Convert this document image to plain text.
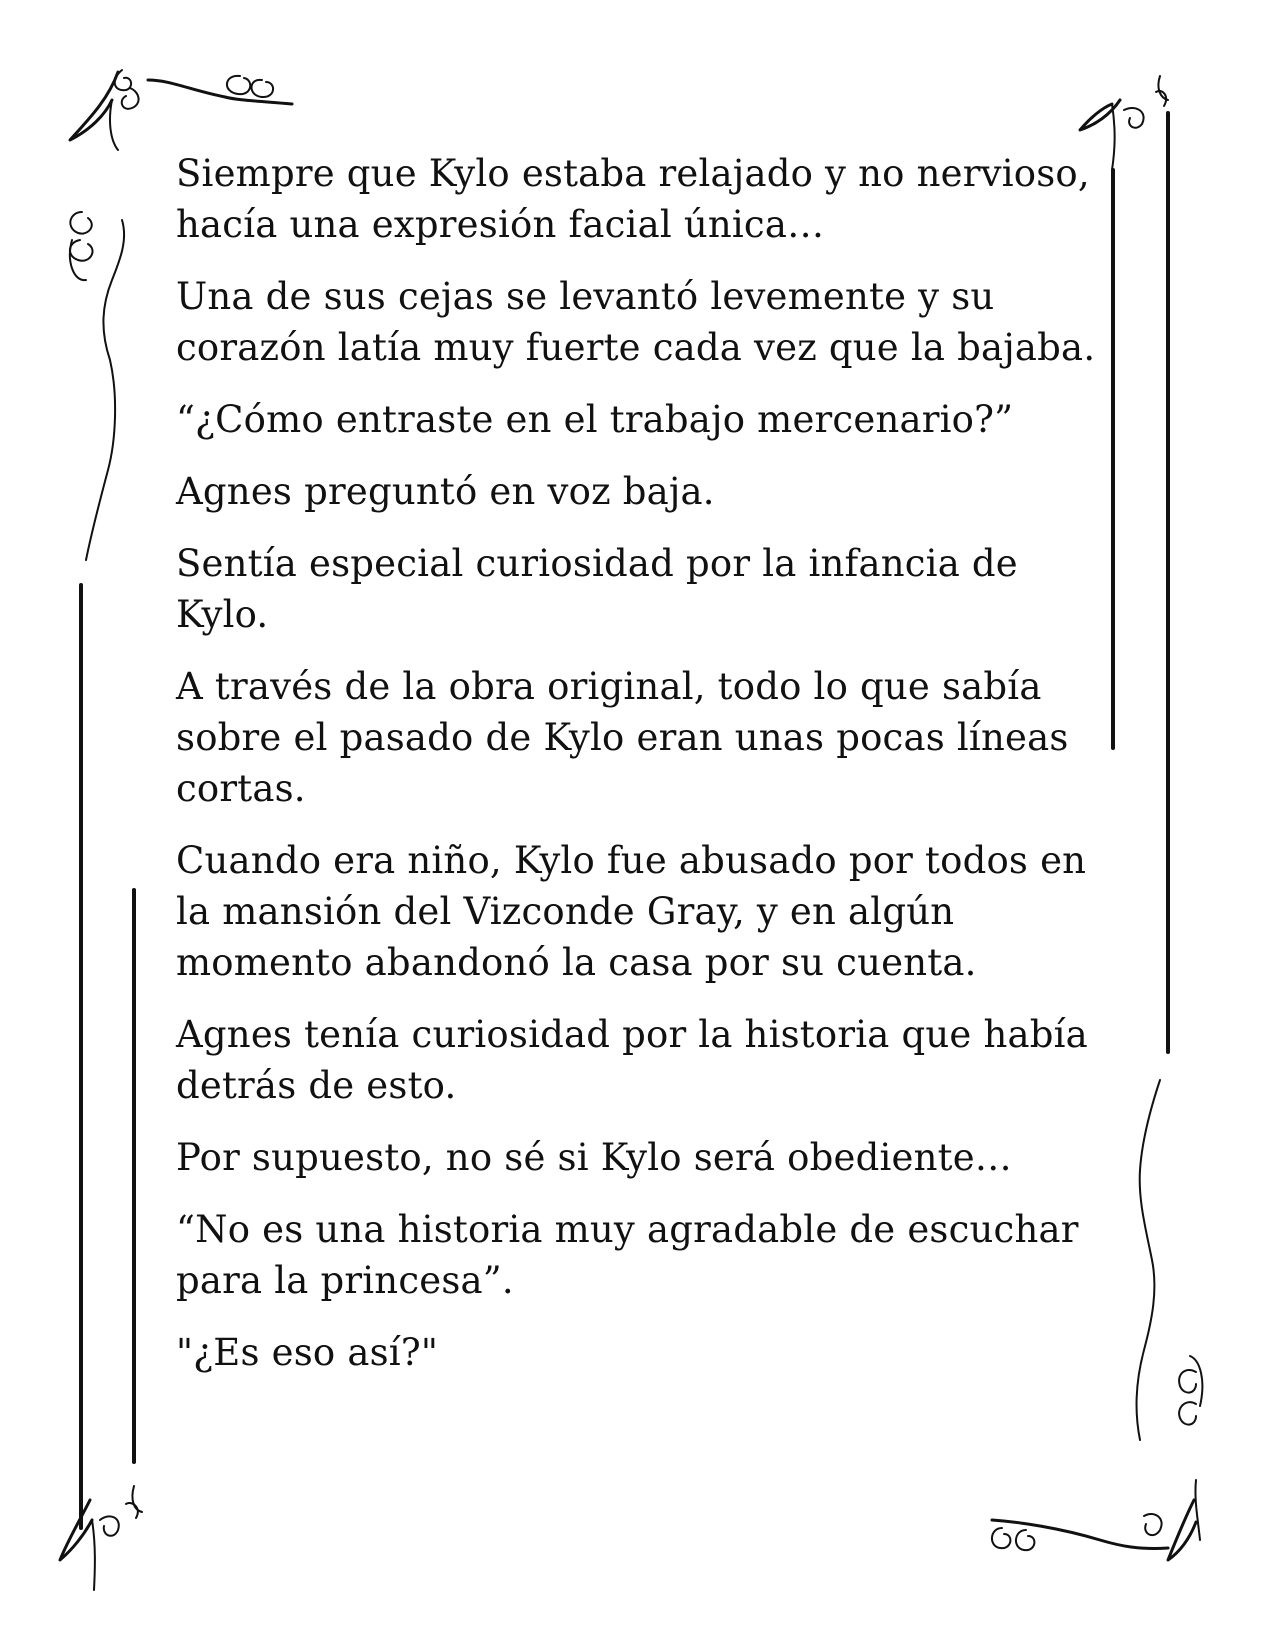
Siempre que Kylo estaba relajado y no nervioso, hacía una expresión facial única…

Una de sus cejas se levantó levemente y su corazón latía muy fuerte cada vez que la bajaba.

“¿Cómo entraste en el trabajo mercenario?”

Agnes preguntó en voz baja.

Sentía especial curiosidad por la infancia de Kylo.

A través de la obra original, todo lo que sabía sobre el pasado de Kylo eran unas pocas líneas cortas.

Cuando era niño, Kylo fue abusado por todos en la mansión del Vizconde Gray, y en algún momento abandonó la casa por su cuenta.

Agnes tenía curiosidad por la historia que había detrás de esto.

Por supuesto, no sé si Kylo será obediente…

“No es una historia muy agradable de escuchar para la princesa”.

"¿Es eso así?"
